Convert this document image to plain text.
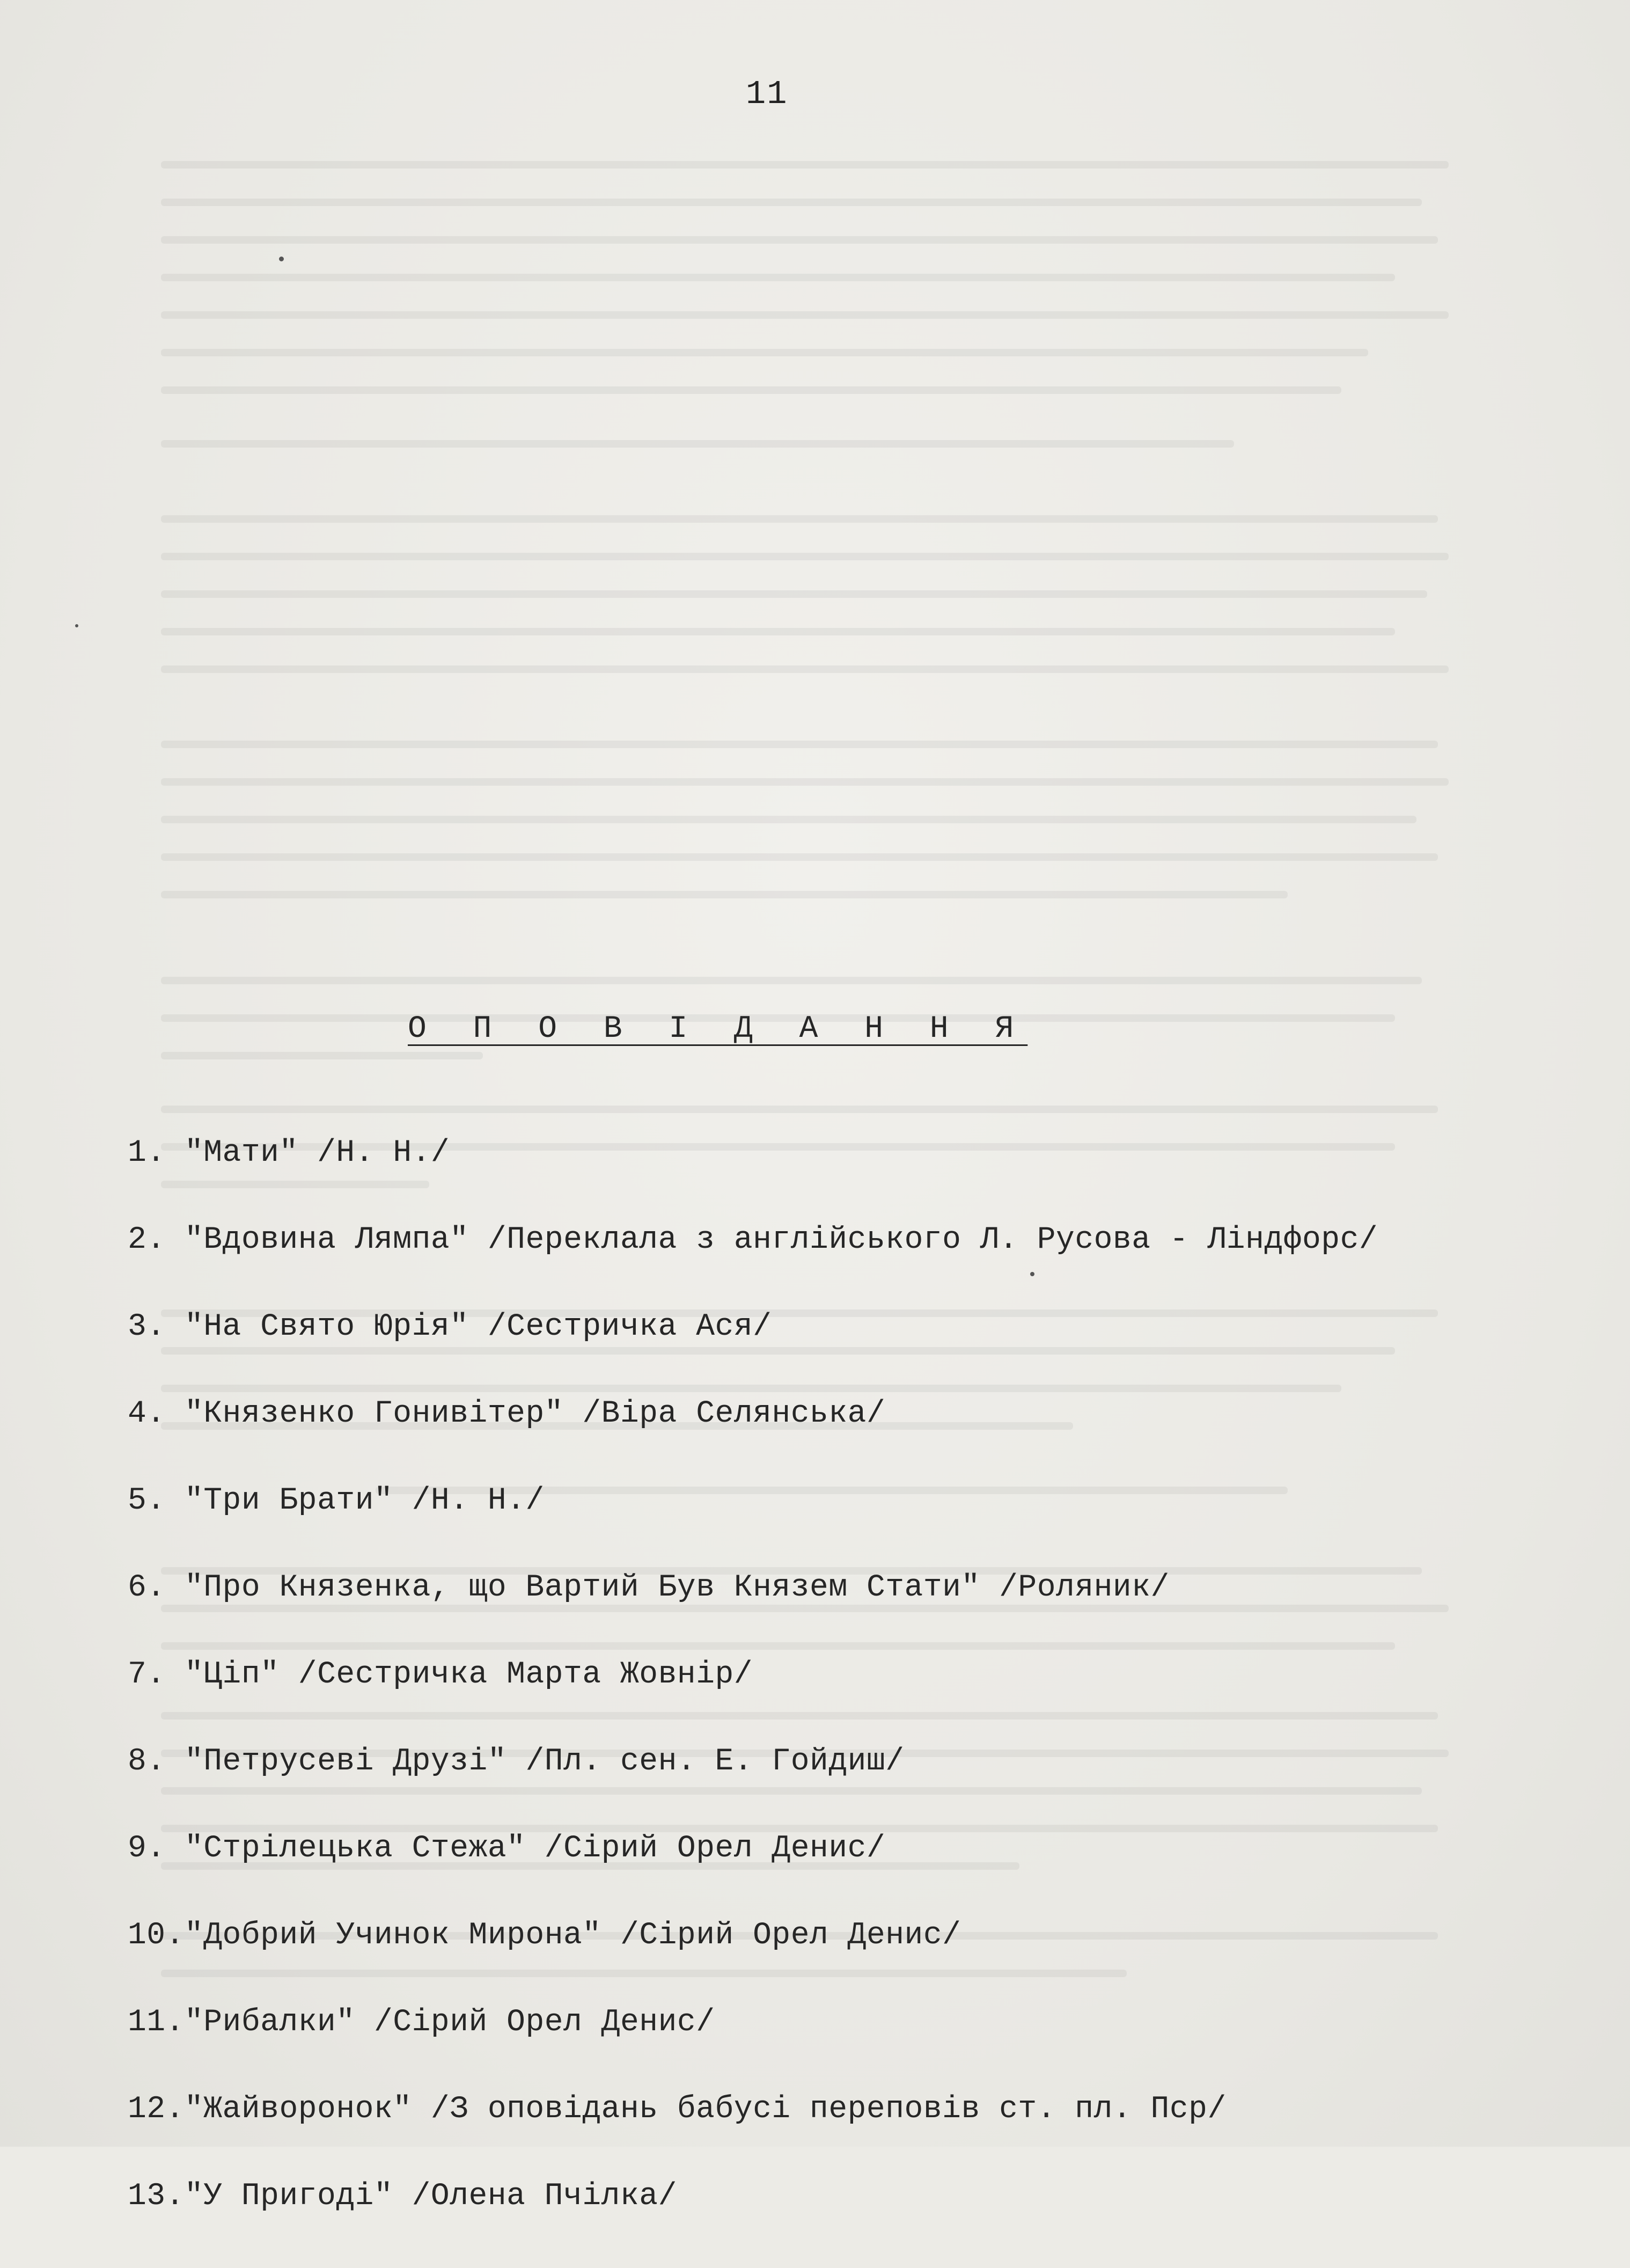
11
О П О В І Д А Н Н Я
1. "Мати" /Н. Н./
2. "Вдовина Лямпа" /Переклала з англійського Л. Русова - Ліндфорс/
3. "На Свято Юрія" /Сестричка Ася/
4. "Князенко Гонивітер" /Віра Селянська/
5. "Три Брати" /Н. Н./
6. "Про Князенка, що Вартий Був Князем Стати" /Роляник/
7. "Ціп" /Сестричка Марта Жовнір/
8. "Петрусеві Друзі" /Пл. сен. Е. Гойдиш/
9. "Стрілецька Стежа" /Сірий Орел Денис/
10."Добрий Учинок Мирона" /Сірий Орел Денис/
11."Рибалки" /Сірий Орел Денис/
12."Жайворонок" /З оповідань бабусі переповів ст. пл. Пср/
13."У Пригоді" /Олена Пчілка/
